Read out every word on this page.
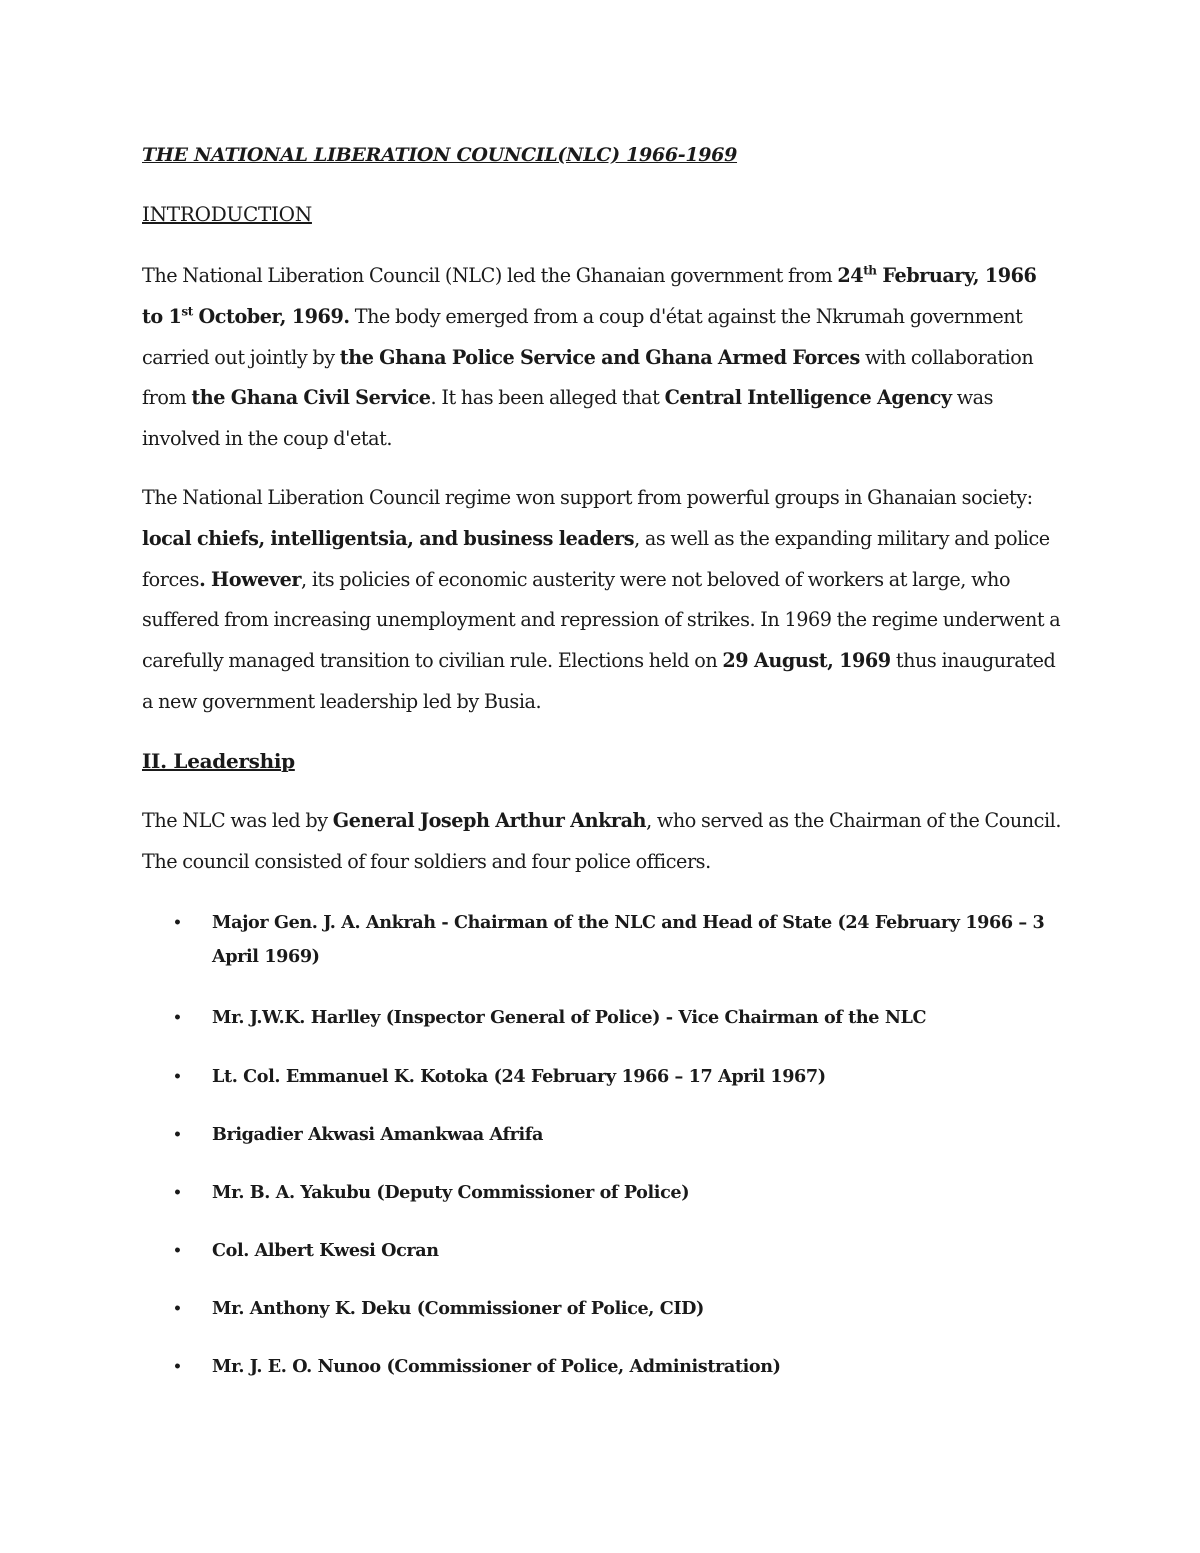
THE NATIONAL LIBERATION COUNCIL(NLC) 1966-1969
INTRODUCTION

The National Liberation Council (NLC) led the Ghanaian government from 24th February, 1966 to 1st October, 1969. The body emerged from a coup d'état against the Nkrumah government carried out jointly by the Ghana Police Service and Ghana Armed Forces with collaboration from the Ghana Civil Service. It has been alleged that Central Intelligence Agency was involved in the coup d'etat.

The National Liberation Council regime won support from powerful groups in Ghanaian society: local chiefs, intelligentsia, and business leaders, as well as the expanding military and police forces. However, its policies of economic austerity were not beloved of workers at large, who suffered from increasing unemployment and repression of strikes. In 1969 the regime underwent a carefully managed transition to civilian rule. Elections held on 29 August, 1969 thus inaugurated a new government leadership led by Busia.

II. Leadership

The NLC was led by General Joseph Arthur Ankrah, who served as the Chairman of the Council. The council consisted of four soldiers and four police officers.

• Major Gen. J. A. Ankrah - Chairman of the NLC and Head of State (24 February 1966 – 3 April 1969)
• Mr. J.W.K. Harlley (Inspector General of Police) - Vice Chairman of the NLC
• Lt. Col. Emmanuel K. Kotoka (24 February 1966 – 17 April 1967)
• Brigadier Akwasi Amankwaa Afrifa
• Mr. B. A. Yakubu (Deputy Commissioner of Police)
• Col. Albert Kwesi Ocran
• Mr. Anthony K. Deku (Commissioner of Police, CID)
• Mr. J. E. O. Nunoo (Commissioner of Police, Administration)
